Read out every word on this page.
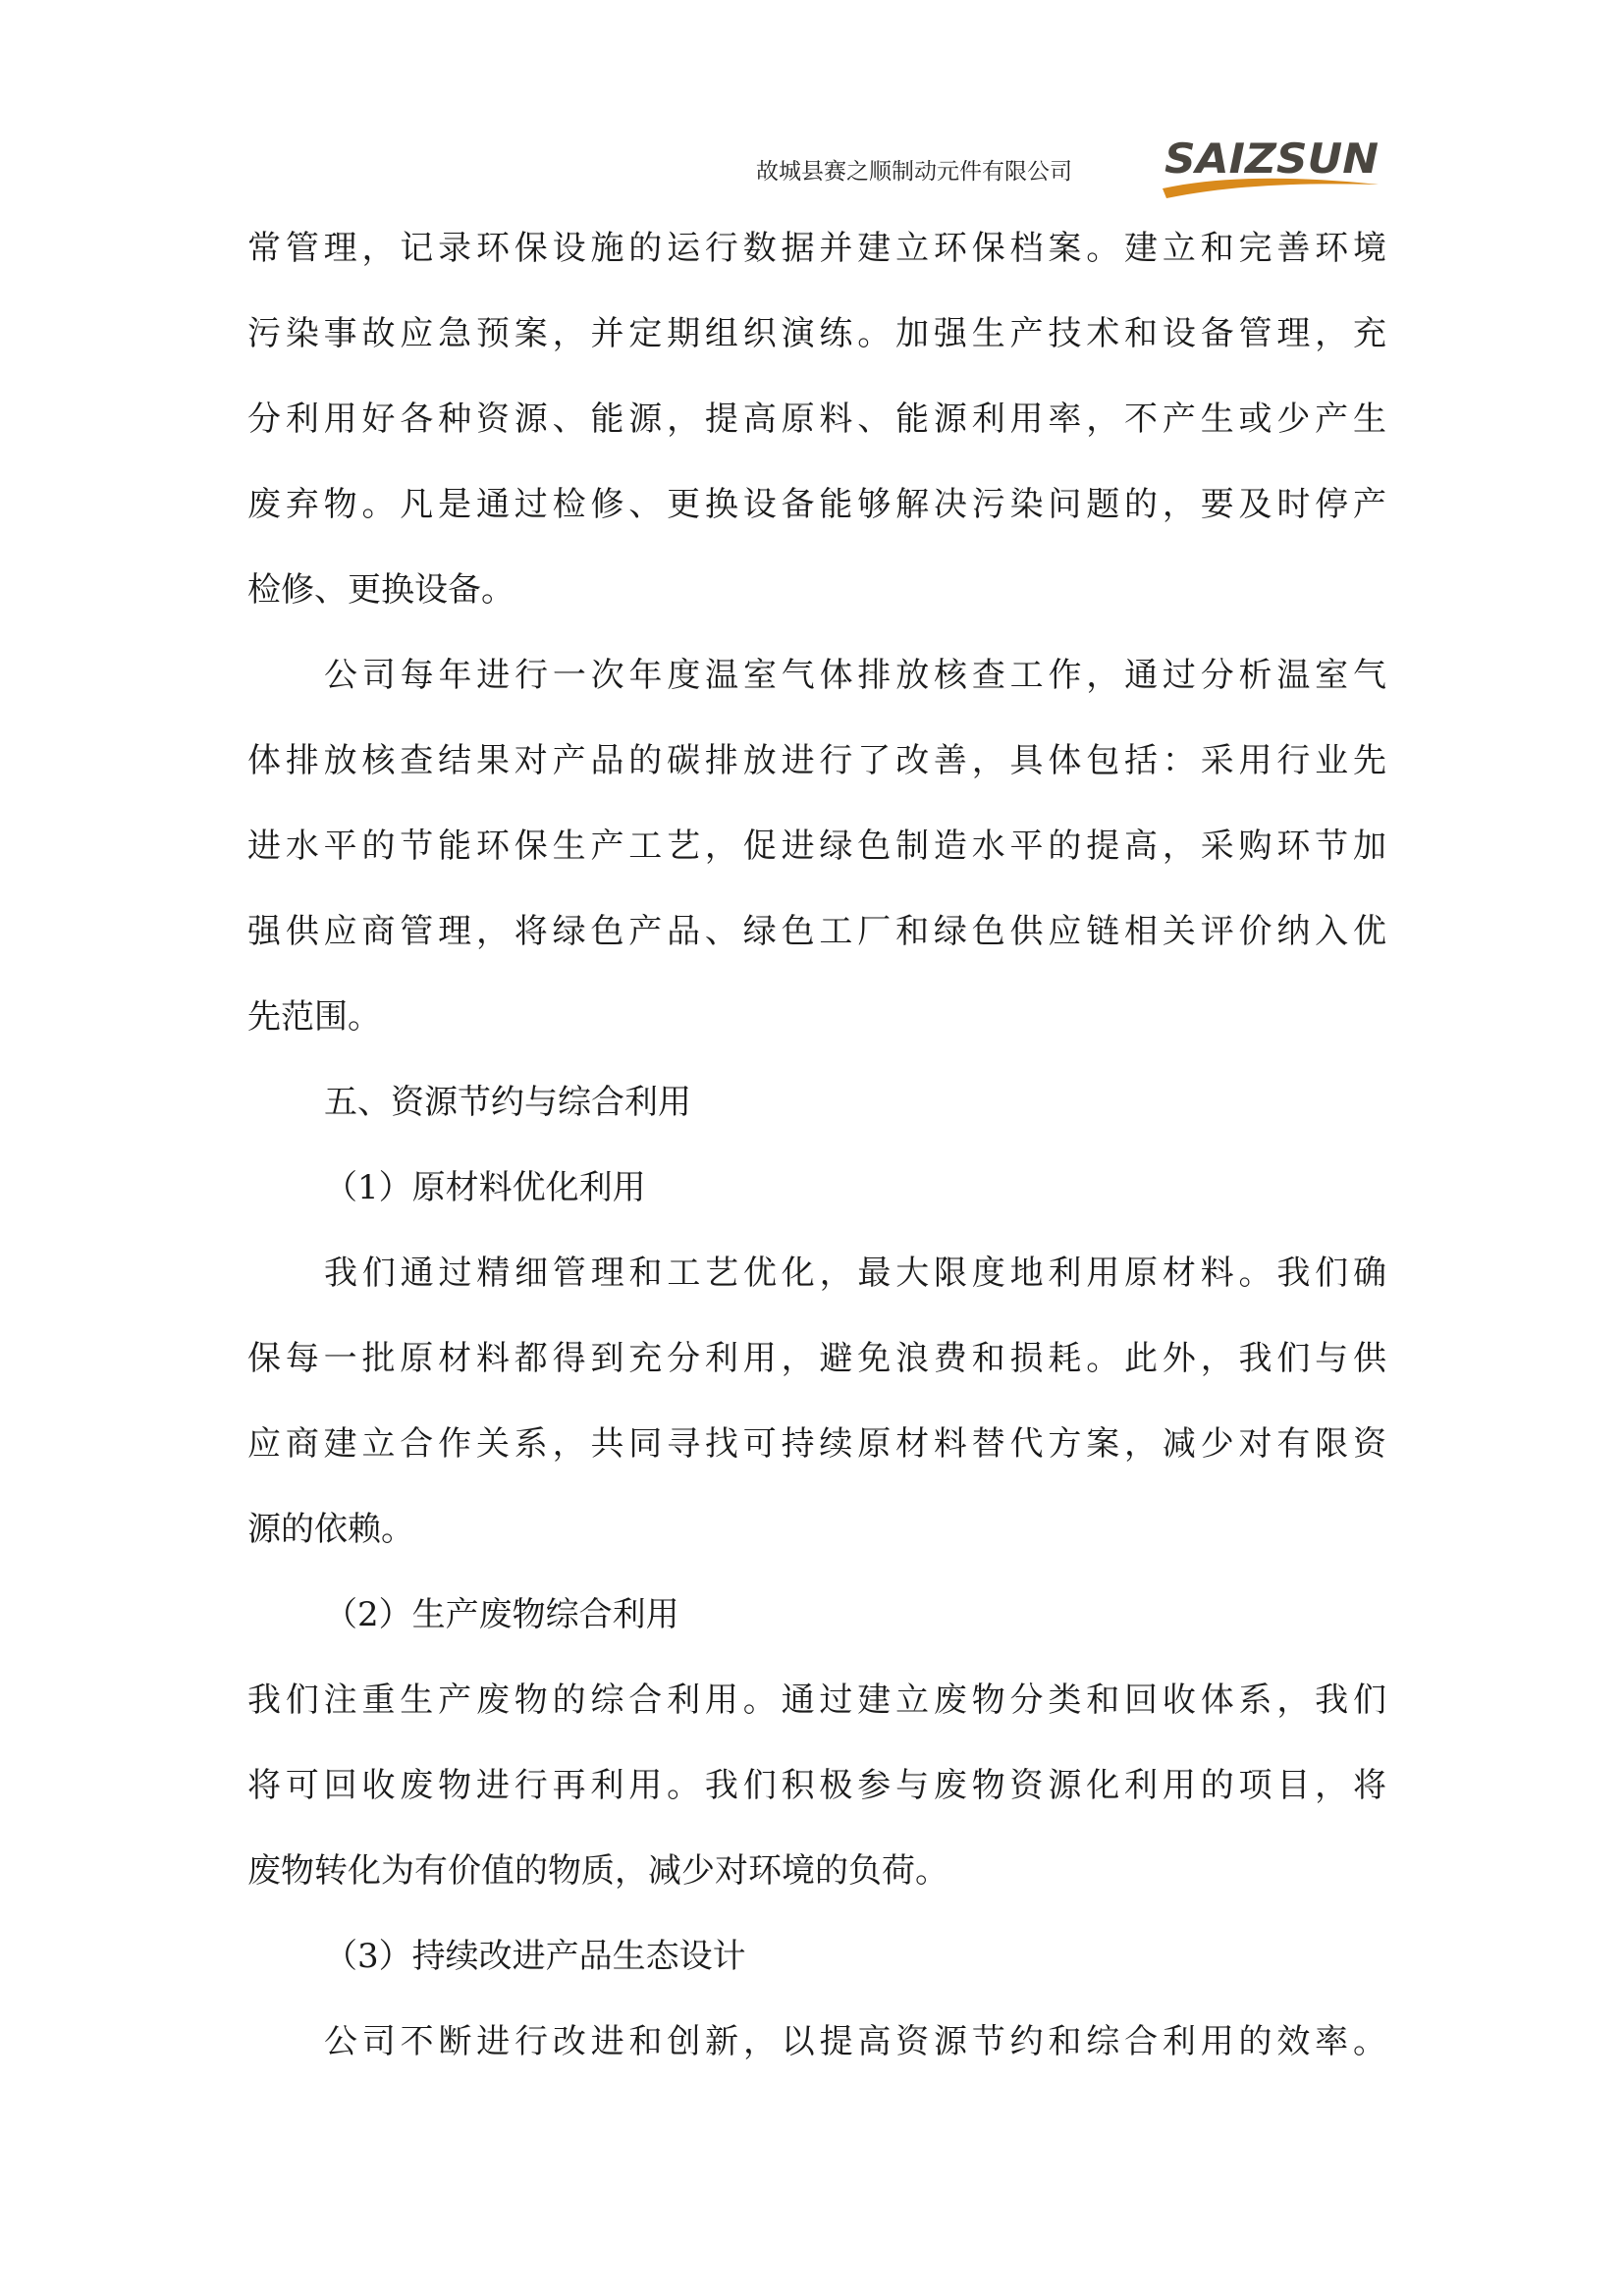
故城县赛之顺制动元件有限公司 SAIZSUN
常管理，记录环保设施的运行数据并建立环保档案。建立和完善环境
污染事故应急预案，并定期组织演练。加强生产技术和设备管理，充
分利用好各种资源、能源，提高原料、能源利用率，不产生或少产生
废弃物。凡是通过检修、更换设备能够解决污染问题的，要及时停产
检修、更换设备。
公司每年进行一次年度温室气体排放核查工作，通过分析温室气
体排放核查结果对产品的碳排放进行了改善，具体包括：采用行业先
进水平的节能环保生产工艺，促进绿色制造水平的提高，采购环节加
强供应商管理，将绿色产品、绿色工厂和绿色供应链相关评价纳入优
先范围。
五、资源节约与综合利用
（1）原材料优化利用
我们通过精细管理和工艺优化，最大限度地利用原材料。我们确
保每一批原材料都得到充分利用，避免浪费和损耗。此外，我们与供
应商建立合作关系，共同寻找可持续原材料替代方案，减少对有限资
源的依赖。
（2）生产废物综合利用
我们注重生产废物的综合利用。通过建立废物分类和回收体系，我们
将可回收废物进行再利用。我们积极参与废物资源化利用的项目，将
废物转化为有价值的物质，减少对环境的负荷。
（3）持续改进产品生态设计
公司不断进行改进和创新，以提高资源节约和综合利用的效率。
